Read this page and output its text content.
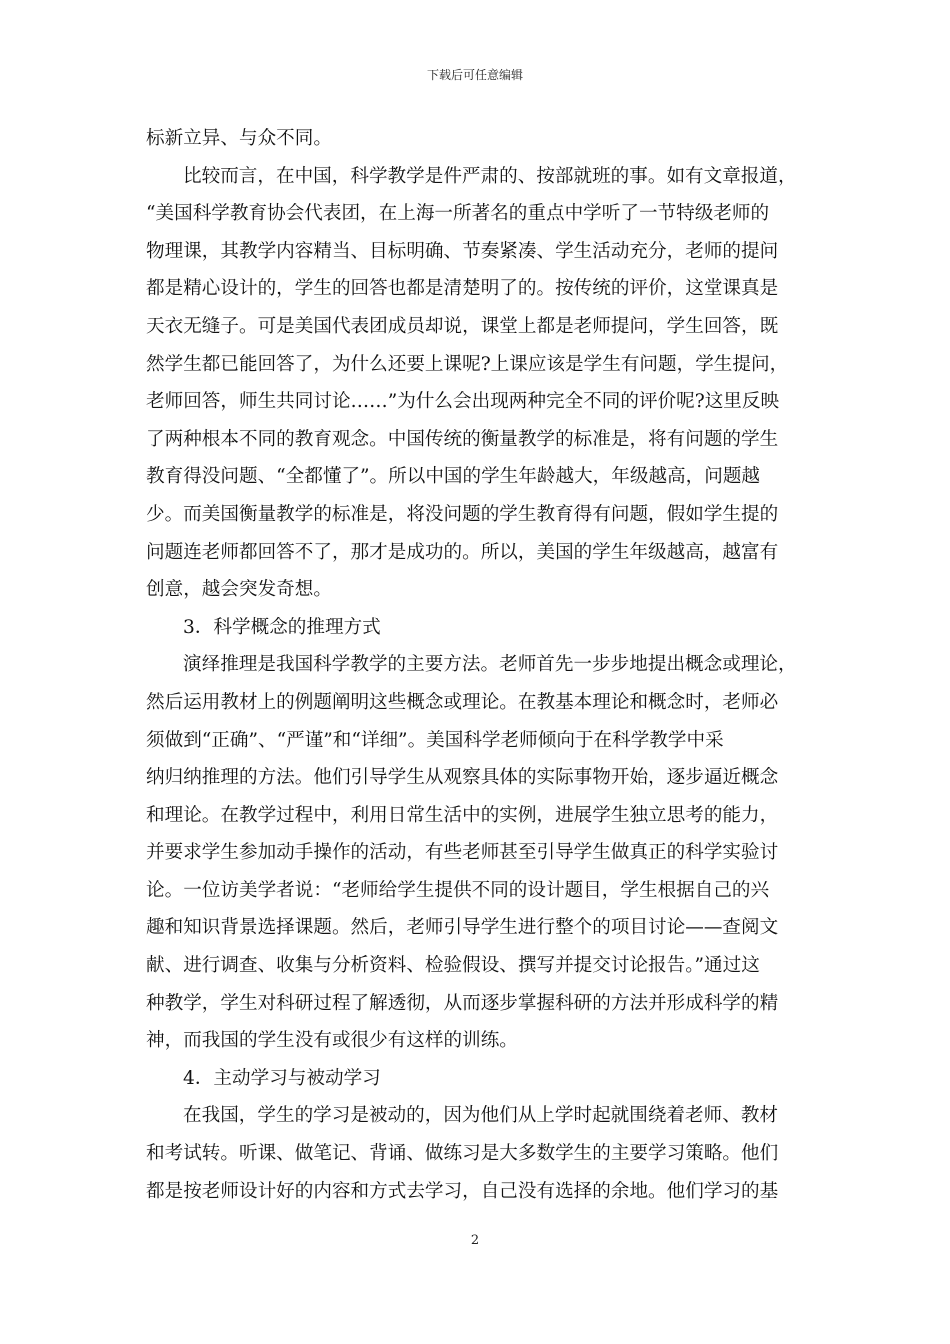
下载后可任意编辑
标新立异、与众不同。
比较而言，在中国，科学教学是件严肃的、按部就班的事。如有文章报道，
“美国科学教育协会代表团，在上海一所著名的重点中学听了一节特级老师的
物理课，其教学内容精当、目标明确、节奏紧凑、学生活动充分，老师的提问
都是精心设计的，学生的回答也都是清楚明了的。按传统的评价，这堂课真是
天衣无缝子。可是美国代表团成员却说，课堂上都是老师提问，学生回答，既
然学生都已能回答了，为什么还要上课呢?上课应该是学生有问题，学生提问，
老师回答，师生共同讨论……”为什么会出现两种完全不同的评价呢?这里反映
了两种根本不同的教育观念。中国传统的衡量教学的标准是，将有问题的学生
教育得没问题、“全都懂了”。所以中国的学生年龄越大，年级越高，问题越
少。而美国衡量教学的标准是，将没问题的学生教育得有问题，假如学生提的
问题连老师都回答不了，那才是成功的。所以，美国的学生年级越高，越富有
创意，越会突发奇想。
3．科学概念的推理方式
演绎推理是我国科学教学的主要方法。老师首先一步步地提出概念或理论，
然后运用教材上的例题阐明这些概念或理论。在教基本理论和概念时，老师必
须做到“正确”、“严谨”和“详细”。美国科学老师倾向于在科学教学中采
纳归纳推理的方法。他们引导学生从观察具体的实际事物开始，逐步逼近概念
和理论。在教学过程中，利用日常生活中的实例，进展学生独立思考的能力，
并要求学生参加动手操作的活动，有些老师甚至引导学生做真正的科学实验讨
论。一位访美学者说：“老师给学生提供不同的设计题目，学生根据自己的兴
趣和知识背景选择课题。然后，老师引导学生进行整个的项目讨论——查阅文
献、进行调查、收集与分析资料、检验假设、撰写并提交讨论报告。”通过这
种教学，学生对科研过程了解透彻，从而逐步掌握科研的方法并形成科学的精
神，而我国的学生没有或很少有这样的训练。
4．主动学习与被动学习
在我国，学生的学习是被动的，因为他们从上学时起就围绕着老师、教材
和考试转。听课、做笔记、背诵、做练习是大多数学生的主要学习策略。他们
都是按老师设计好的内容和方式去学习，自己没有选择的余地。他们学习的基
2
